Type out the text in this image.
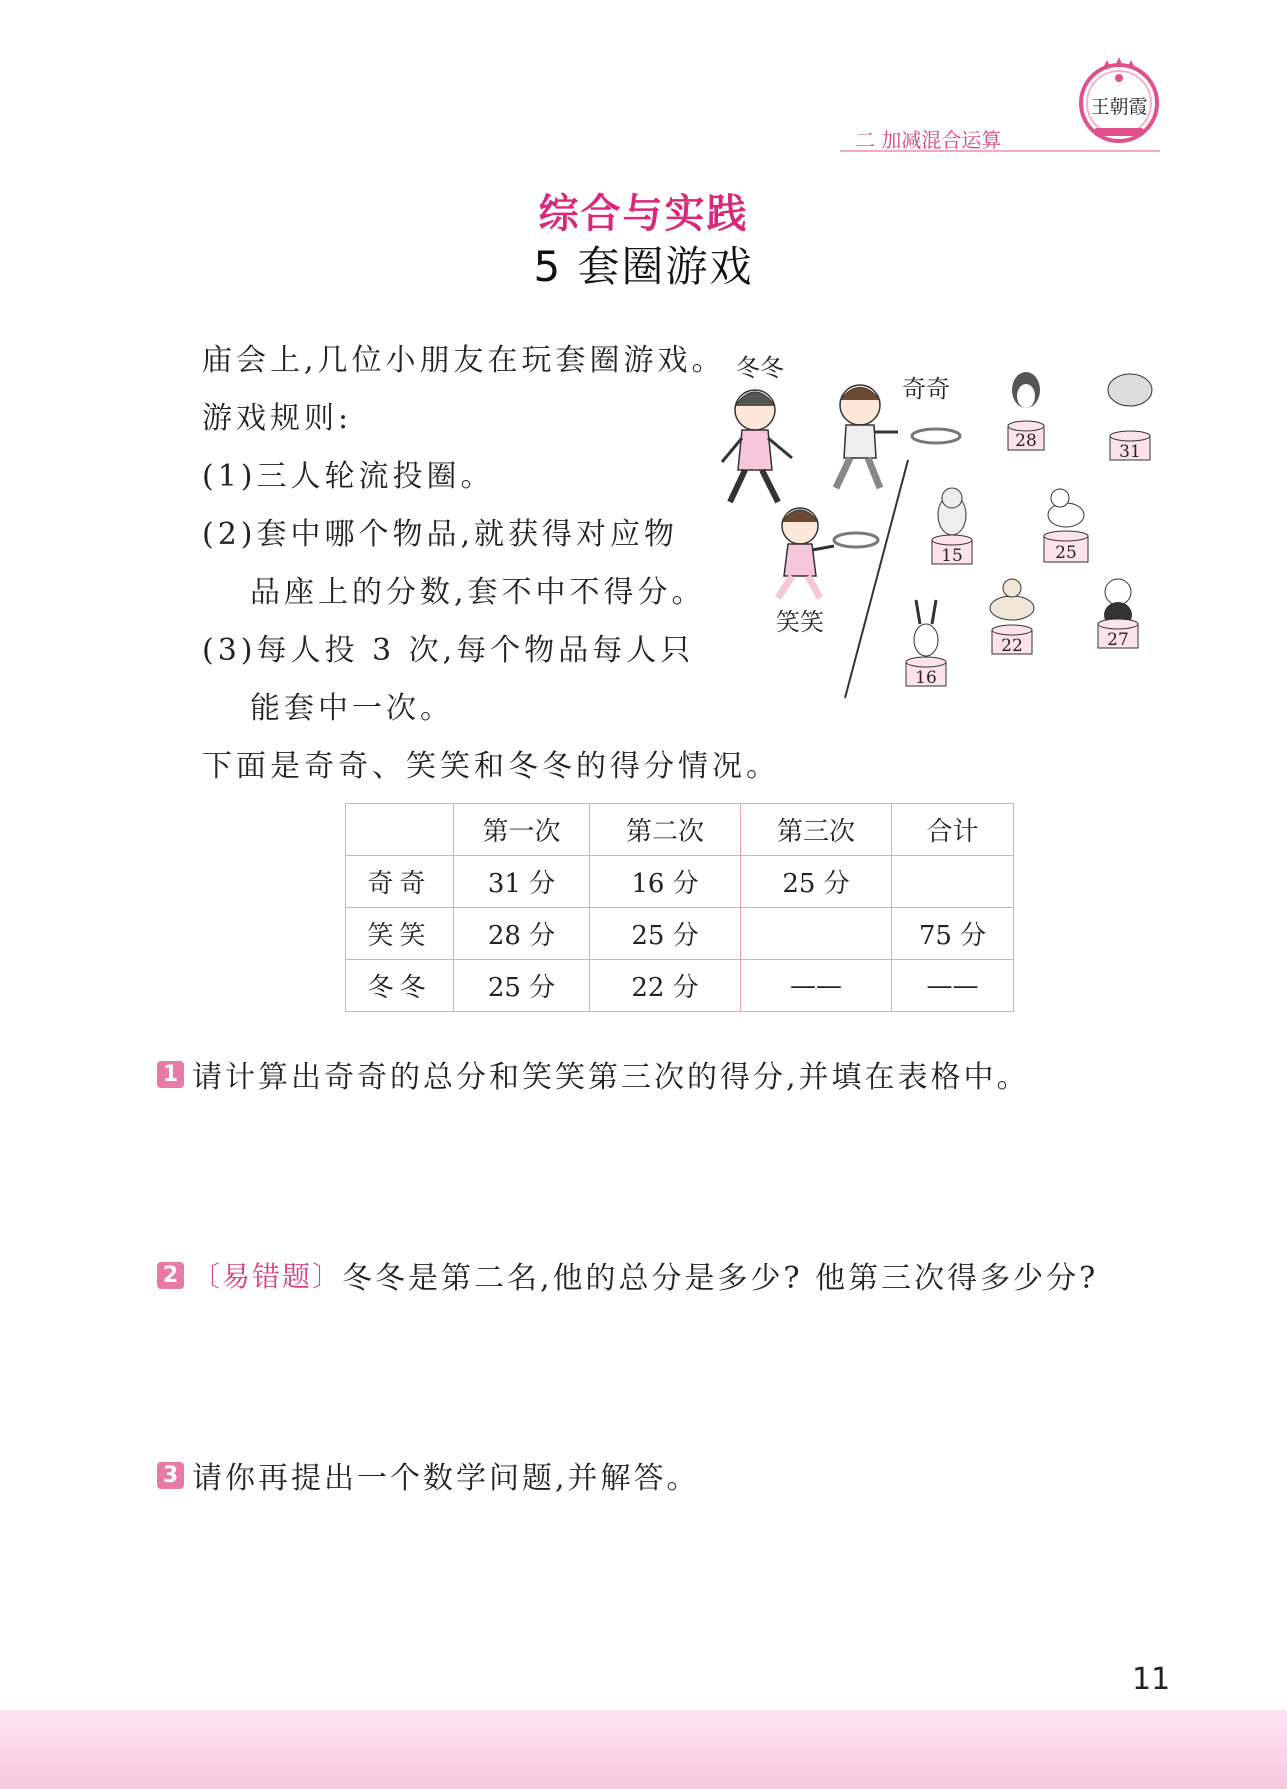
二 加减混合运算
王朝霞
综合与实践
5 套圈游戏
庙会上,几位小朋友在玩套圈游戏。
游戏规则:
(1)三人轮流投圈。
(2)套中哪个物品,就获得对应物
品座上的分数,套不中不得分。
(3)每人投 3 次,每个物品每人只
能套中一次。
下面是奇奇、笑笑和冬冬的得分情况。
冬冬
奇奇
笑笑
28
31
15	25
16
22	27
	第一次	第二次	第三次	合计
奇奇	31 分	16 分	25 分	
笑笑	28 分	25 分		75 分
冬冬	25 分	22 分	——	——
1 请计算出奇奇的总分和笑笑第三次的得分,并填在表格中。
2 〔易错题〕 冬冬是第二名,他的总分是多少? 他第三次得多少分?
3 请你再提出一个数学问题,并解答。
11
